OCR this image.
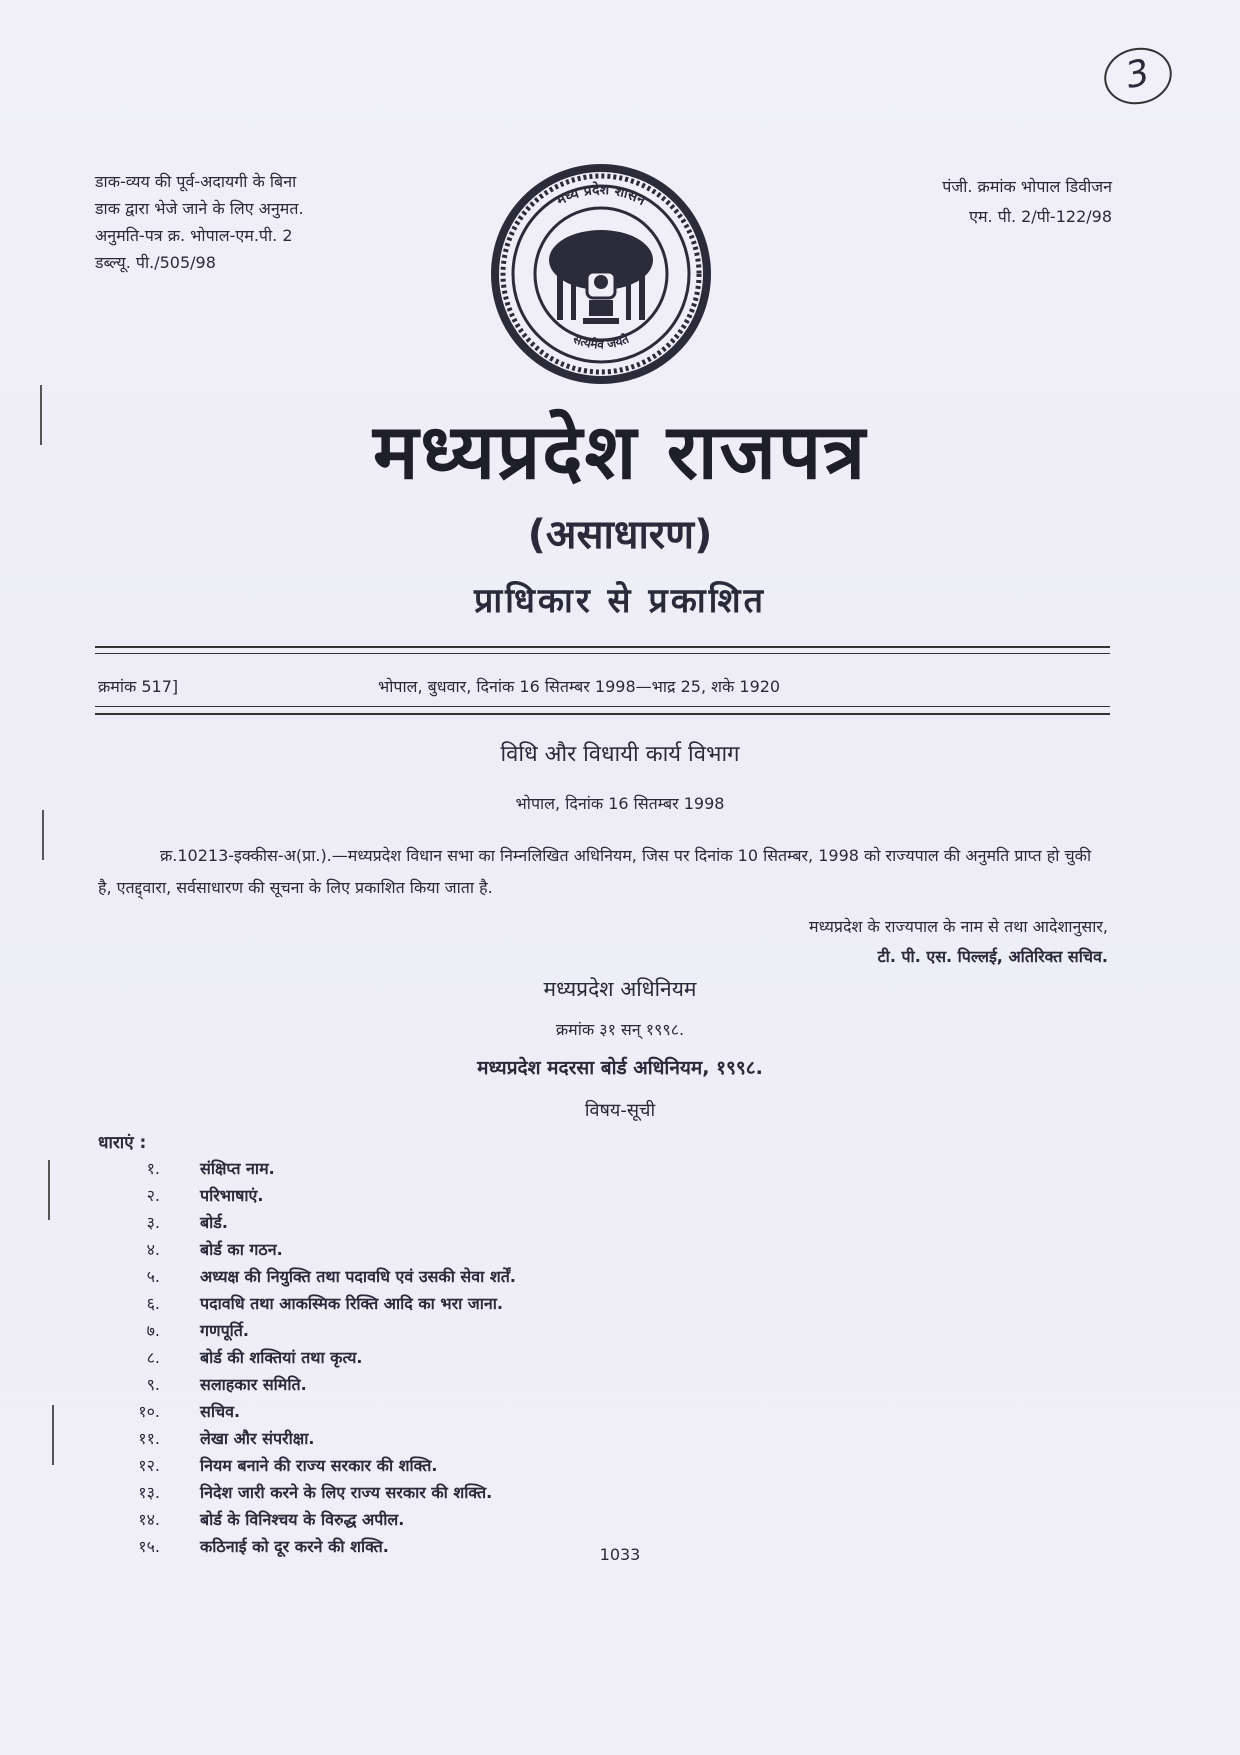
डाक-व्यय की पूर्व-अदायगी के बिना
डाक द्वारा भेजे जाने के लिए अनुमत.
अनुमति-पत्र क्र. भोपाल-एम.पी. 2
डब्ल्यू. पी./505/98
पंजी. क्रमांक भोपाल डिवीजन
एम. पी. 2/पी-122/98
3
मध्य प्रदेश शासन
सत्यमेव जयते
मध्यप्रदेश राजपत्र
(असाधारण)
प्राधिकार से प्रकाशित
क्रमांक 517]	भोपाल, बुधवार, दिनांक 16 सितम्बर 1998—भाद्र 25, शके 1920
विधि और विधायी कार्य विभाग
भोपाल, दिनांक 16 सितम्बर 1998
क्र.10213-इक्कीस-अ(प्रा.).—मध्यप्रदेश विधान सभा का निम्नलिखित अधिनियम, जिस पर दिनांक 10 सितम्बर, 1998 को राज्यपाल की अनुमति प्राप्त हो चुकी है, एतद्द्वारा, सर्वसाधारण की सूचना के लिए प्रकाशित किया जाता है.
मध्यप्रदेश के राज्यपाल के नाम से तथा आदेशानुसार,
टी. पी. एस. पिल्लई, अतिरिक्त सचिव.
मध्यप्रदेश अधिनियम
क्रमांक ३१ सन् १९९८.
मध्यप्रदेश मदरसा बोर्ड अधिनियम, १९९८.
विषय-सूची
धाराएं :
१.	संक्षिप्त नाम.
२.	परिभाषाएं.
३.	बोर्ड.
४.	बोर्ड का गठन.
५.	अध्यक्ष की नियुक्ति तथा पदावधि एवं उसकी सेवा शर्तें.
६.	पदावधि तथा आकस्मिक रिक्ति आदि का भरा जाना.
७.	गणपूर्ति.
८.	बोर्ड की शक्तियां तथा कृत्य.
९.	सलाहकार समिति.
१०.	सचिव.
११.	लेखा और संपरीक्षा.
१२.	नियम बनाने की राज्य सरकार की शक्ति.
१३.	निदेश जारी करने के लिए राज्य सरकार की शक्ति.
१४.	बोर्ड के विनिश्चय के विरुद्ध अपील.
१५.	कठिनाई को दूर करने की शक्ति.	1033
